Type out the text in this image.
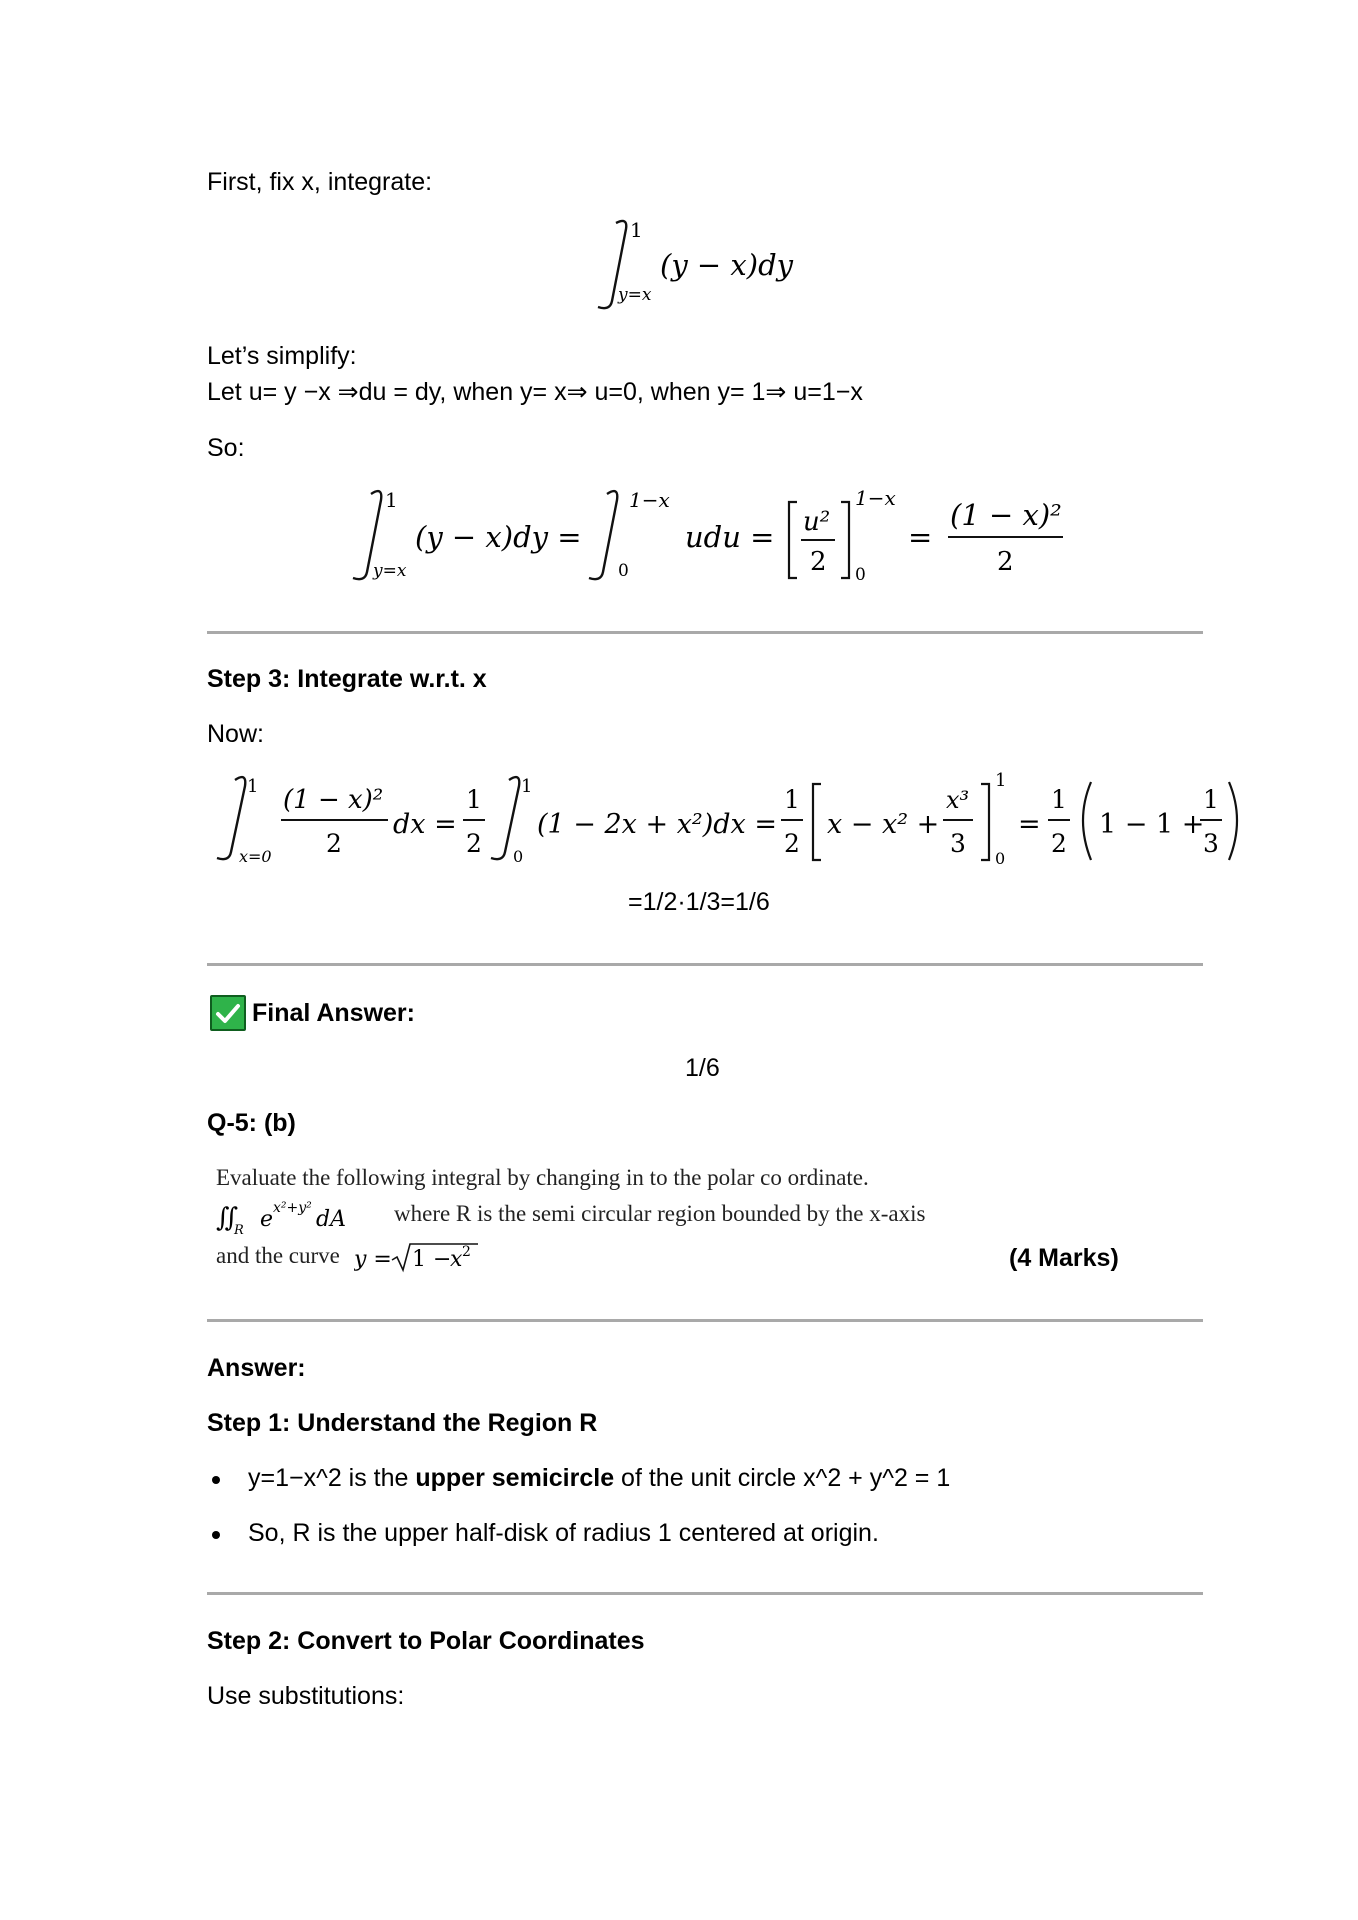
First, fix x, integrate:
1
y=x
(y − x)dy
Let’s simplify:
Let u= y −x ⇒du = dy, when y= x⇒ u=0, when y= 1⇒ u=1−x
So:
1
y=x
(y − x)dy =
1−x
0
udu = u²
2
1−x
0
=
(1 − x)²
2
Step 3: Integrate w.r.t. x
Now:
1
x=0
(1 − x)²
2
dx =
1
2
1
0
(1 − 2x + x²)dx =
1
2
x − x² +
x³
3
1
0
=
1
2
1 − 1 +
1
3
=1/2·1/3=1/6
Final Answer:
1/6
Q-5: (b)
Evaluate the following integral by changing in to the polar co ordinate.
∬
R e x²+y² dA where R is the semi circular region bounded by the x-axis
and the curve y = 1 −
x 2	(4 Marks)
Answer:
Step 1: Understand the Region R
y=1−x^2 is the upper semicircle of the unit circle x^2 + y^2 = 1
So, R is the upper half-disk of radius 1 centered at origin.
Step 2: Convert to Polar Coordinates
Use substitutions:
